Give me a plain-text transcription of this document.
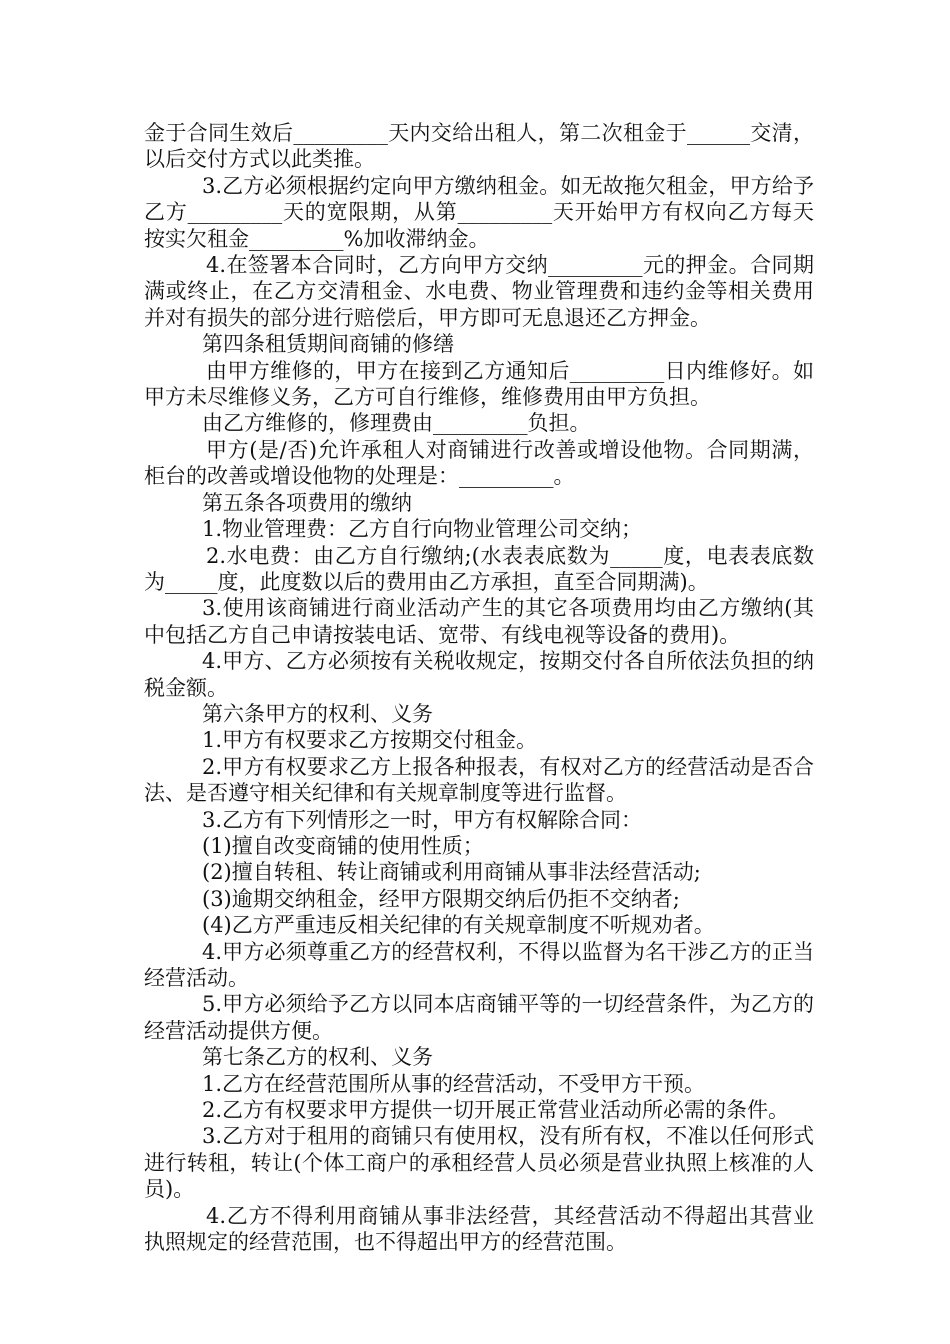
金于合同生效后_________天内交给出租人，第二次租金于______交清，以后交付方式以此类推。

3.乙方必须根据约定向甲方缴纳租金。如无故拖欠租金，甲方给予乙方_________天的宽限期，从第_________天开始甲方有权向乙方每天按实欠租金_________%加收滞纳金。

4.在签署本合同时，乙方向甲方交纳_________元的押金。合同期满或终止，在乙方交清租金、水电费、物业管理费和违约金等相关费用并对有损失的部分进行赔偿后，甲方即可无息退还乙方押金。

第四条租赁期间商铺的修缮

由甲方维修的，甲方在接到乙方通知后_________日内维修好。如甲方未尽维修义务，乙方可自行维修，维修费用由甲方负担。

由乙方维修的，修理费由_________负担。

甲方(是/否)允许承租人对商铺进行改善或增设他物。合同期满，柜台的改善或增设他物的处理是：_________。

第五条各项费用的缴纳

1.物业管理费：乙方自行向物业管理公司交纳；

2.水电费：由乙方自行缴纳;(水表表底数为_____度，电表表底数为_____度，此度数以后的费用由乙方承担，直至合同期满)。

3.使用该商铺进行商业活动产生的其它各项费用均由乙方缴纳(其中包括乙方自己申请按装电话、宽带、有线电视等设备的费用)。

4.甲方、乙方必须按有关税收规定，按期交付各自所依法负担的纳税金额。

第六条甲方的权利、义务

1.甲方有权要求乙方按期交付租金。

2.甲方有权要求乙方上报各种报表，有权对乙方的经营活动是否合法、是否遵守相关纪律和有关规章制度等进行监督。

3.乙方有下列情形之一时，甲方有权解除合同：

(1)擅自改变商铺的使用性质；

(2)擅自转租、转让商铺或利用商铺从事非法经营活动;

(3)逾期交纳租金，经甲方限期交纳后仍拒不交纳者;

(4)乙方严重违反相关纪律的有关规章制度不听规劝者。

4.甲方必须尊重乙方的经营权利，不得以监督为名干涉乙方的正当经营活动。

5.甲方必须给予乙方以同本店商铺平等的一切经营条件，为乙方的经营活动提供方便。

第七条乙方的权利、义务

1.乙方在经营范围所从事的经营活动，不受甲方干预。

2.乙方有权要求甲方提供一切开展正常营业活动所必需的条件。

3.乙方对于租用的商铺只有使用权，没有所有权，不准以任何形式进行转租，转让(个体工商户的承租经营人员必须是营业执照上核准的人员)。

4.乙方不得利用商铺从事非法经营，其经营活动不得超出其营业执照规定的经营范围，也不得超出甲方的经营范围。
